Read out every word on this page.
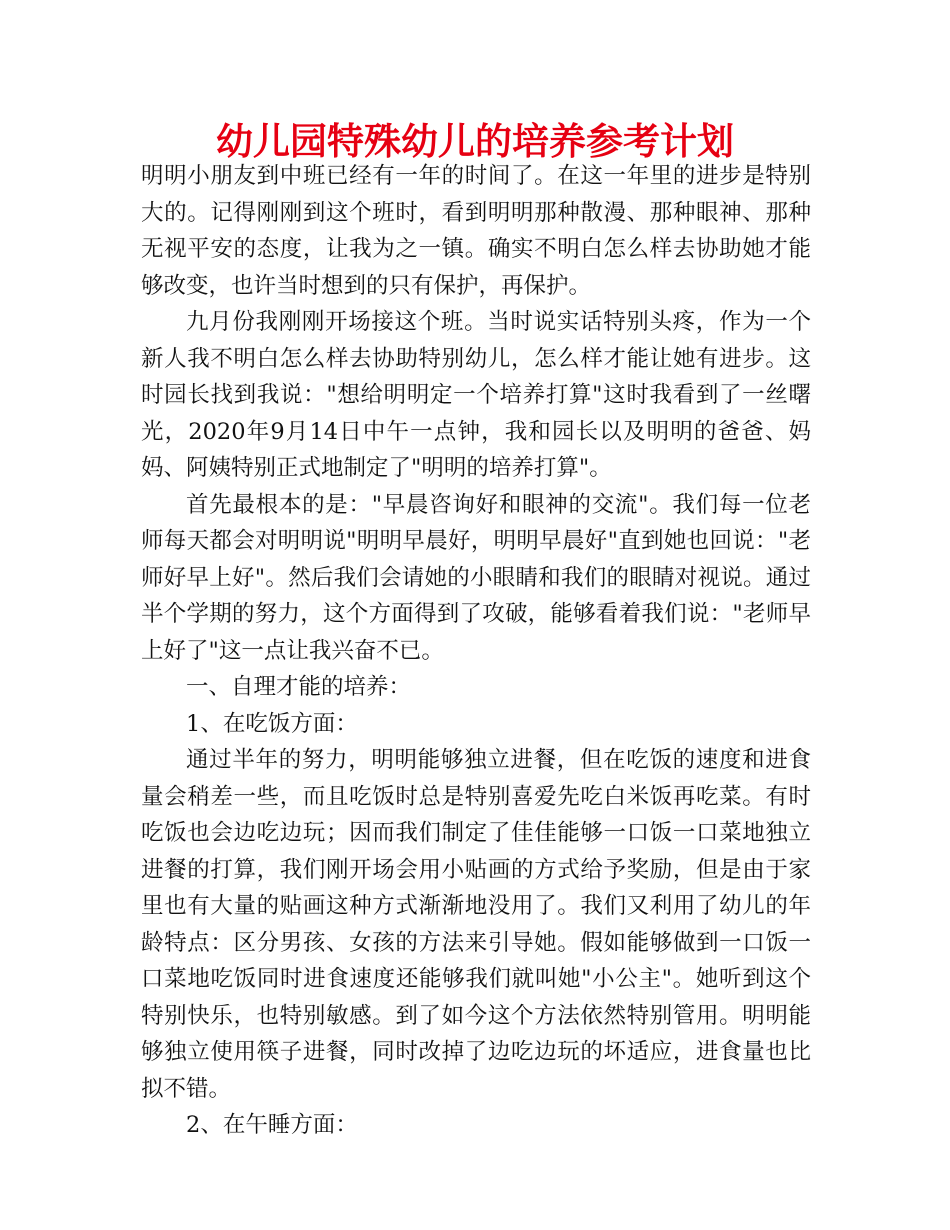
幼儿园特殊幼儿的培养参考计划

明明小朋友到中班已经有一年的时间了。在这一年里的进步是特别大的。记得刚刚到这个班时，看到明明那种散漫、那种眼神、那种无视平安的态度，让我为之一镇。确实不明白怎么样去协助她才能够改变，也许当时想到的只有保护，再保护。

九月份我刚刚开场接这个班。当时说实话特别头疼，作为一个新人我不明白怎么样去协助特别幼儿，怎么样才能让她有进步。这时园长找到我说："想给明明定一个培养打算"这时我看到了一丝曙光，2020年9月14日中午一点钟，我和园长以及明明的爸爸、妈妈、阿姨特别正式地制定了"明明的培养打算"。

首先最根本的是："早晨咨询好和眼神的交流"。我们每一位老师每天都会对明明说"明明早晨好，明明早晨好"直到她也回说："老师好早上好"。然后我们会请她的小眼睛和我们的眼睛对视说。通过半个学期的努力，这个方面得到了攻破，能够看着我们说："老师早上好了"这一点让我兴奋不已。

一、自理才能的培养：

1、在吃饭方面：

通过半年的努力，明明能够独立进餐，但在吃饭的速度和进食量会稍差一些，而且吃饭时总是特别喜爱先吃白米饭再吃菜。有时吃饭也会边吃边玩；因而我们制定了佳佳能够一口饭一口菜地独立进餐的打算，我们刚开场会用小贴画的方式给予奖励，但是由于家里也有大量的贴画这种方式渐渐地没用了。我们又利用了幼儿的年龄特点：区分男孩、女孩的方法来引导她。假如能够做到一口饭一口菜地吃饭同时进食速度还能够我们就叫她"小公主"。她听到这个特别快乐，也特别敏感。到了如今这个方法依然特别管用。明明能够独立使用筷子进餐，同时改掉了边吃边玩的坏适应，进食量也比拟不错。

2、在午睡方面：
